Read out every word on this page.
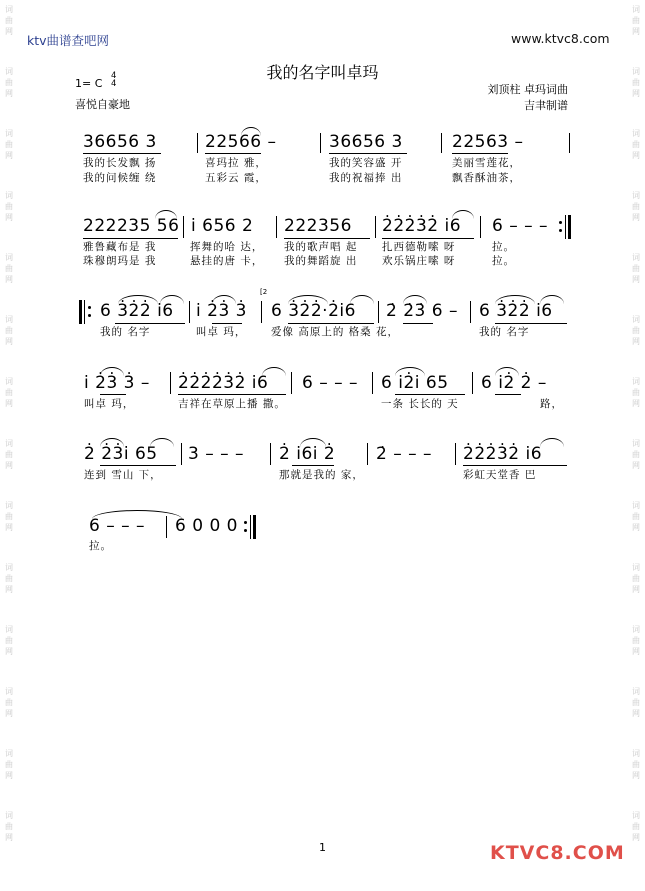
词
曲
网
词
曲
网
词
曲
网
词
曲
网
词
曲
网
词
曲
网
词
曲
网
词
曲
网
词
曲
网
词
曲
网
词
曲
网
词
曲
网
词
曲
网
词
曲
网
词
曲
网
词
曲
网
词
曲
网
词
曲
网
词
曲
网
词
曲
网
词
曲
网
词
曲
网
词
曲
网
词
曲
网
词
曲
网
词
曲
网
词
曲
网
词
曲
网
ktv曲谱查吧网	www.ktvc8.com
我的名字叫卓玛
1= C
4
4
喜悦自豪地
刘顶柱 卓玛词曲
吉聿制谱
36656 3	22566 –	36656 3	22563 –
我的长发飘 扬	喜玛拉 雅，	我的笑容盛 开	美丽雪莲花，
我的问候缠 绕	五彩云 霞，	我的祝福捧 出	飘香酥油茶，
222235 56 i 656 2 222356 2̇2̇2̇3̇2̇ i6 6 – – –
雅鲁藏布是 我	挥舞的哈 达， 我的歌声唱 起 扎西德勒嗦 呀	拉。
珠穆朗玛是 我	悬挂的唐 卡， 我的舞蹈旋 出 欢乐锅庄嗦 呀	拉。
[2
6 3̇2̇2̇ i6 i 2̇3̇ 3̇ 6 3̇2̇2̇·2̇i6 2̇ 2̇3̇ 6 – 6 3̇2̇2̇ i6
我的 名字	叫卓 玛， 爱像 高原上的 格桑 花，	我的 名字
i 2̇3̇ 3̇ – 2̇2̇2̇2̇3̇2̇ i6 6 – – – 6 i2̇i 65 6 i2̇ 2̇ –
叫卓 玛，	吉祥在草原上播 撒。	一条 长长的 天	路，
2̇ 2̇3̇i 65 3 – – – 2̇ i6i 2̇ 2̇ – – – 2̇2̇2̇3̇2̇ i6
连到 雪山 下，	那就是我的 家，	彩虹天堂香 巴
6 – – – 6 0 0 0
拉。
1	KTVC8.COM
